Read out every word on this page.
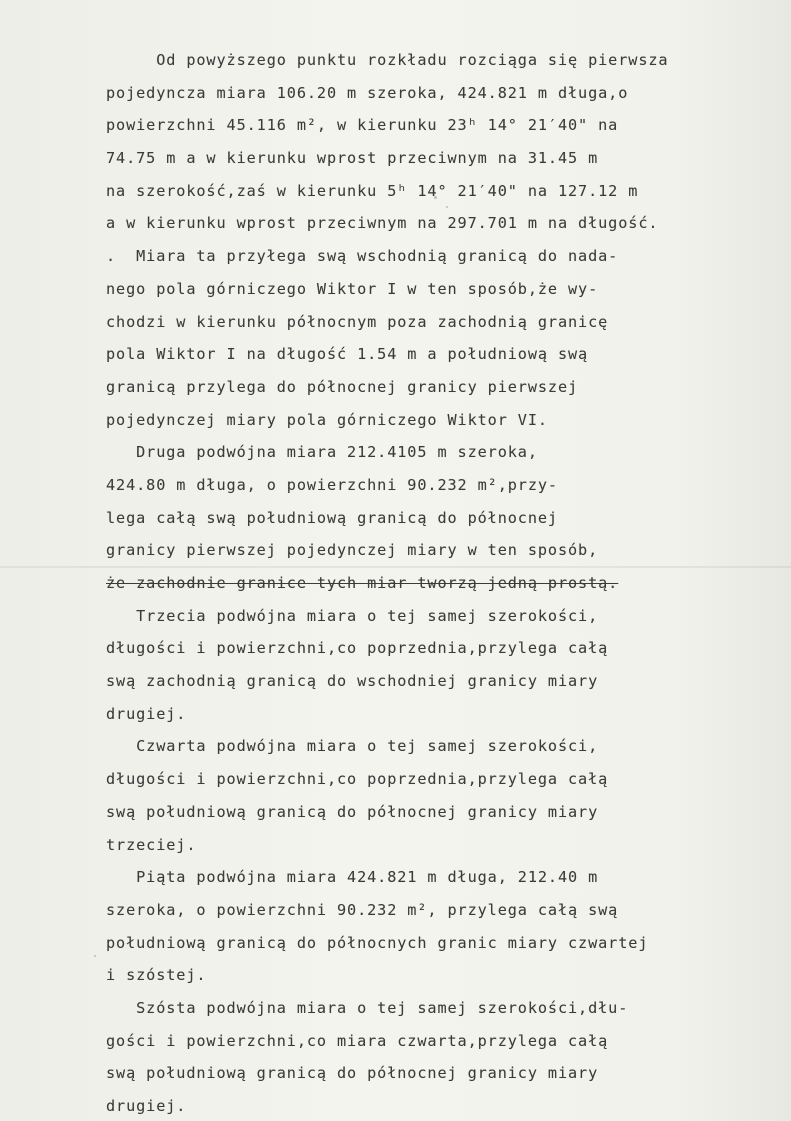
Od powyższego punktu rozkładu rozciąga się pierwsza
pojedyncza miara 106.20 m szeroka, 424.821 m długa,o
powierzchni 45.116 m², w kierunku 23ʰ 14° 21′40" na
74.75 m a w kierunku wprost przeciwnym na 31.45 m
na szerokość,zaś w kierunku 5ʰ 14° 21′40" na 127.12 m
a w kierunku wprost przeciwnym na 297.701 m na długość.
.  Miara ta przyłega swą wschodnią granicą do nada-
nego pola górniczego Wiktor I w ten sposób,że wy-
chodzi w kierunku północnym poza zachodnią granicę
pola Wiktor I na długość 1.54 m a południową swą
granicą przylega do północnej granicy pierwszej
pojedynczej miary pola górniczego Wiktor VI.
Druga podwójna miara 212.4105 m szeroka,
424.80 m długa, o powierzchni 90.232 m²,przy-
lega całą swą południową granicą do północnej
granicy pierwszej pojedynczej miary w ten sposób,
że zachodnie granice tych miar tworzą jedną prostą.
Trzecia podwójna miara o tej samej szerokości,
długości i powierzchni,co poprzednia,przylega całą
swą zachodnią granicą do wschodniej granicy miary
drugiej.
Czwarta podwójna miara o tej samej szerokości,
długości i powierzchni,co poprzednia,przylega całą
swą południową granicą do północnej granicy miary
trzeciej.
Piąta podwójna miara 424.821 m długa, 212.40 m
szeroka, o powierzchni 90.232 m², przylega całą swą
południową granicą do północnych granic miary czwartej
i szóstej.
Szósta podwójna miara o tej samej szerokości,dłu-
gości i powierzchni,co miara czwarta,przylega całą
swą południową granicą do północnej granicy miary
drugiej.
